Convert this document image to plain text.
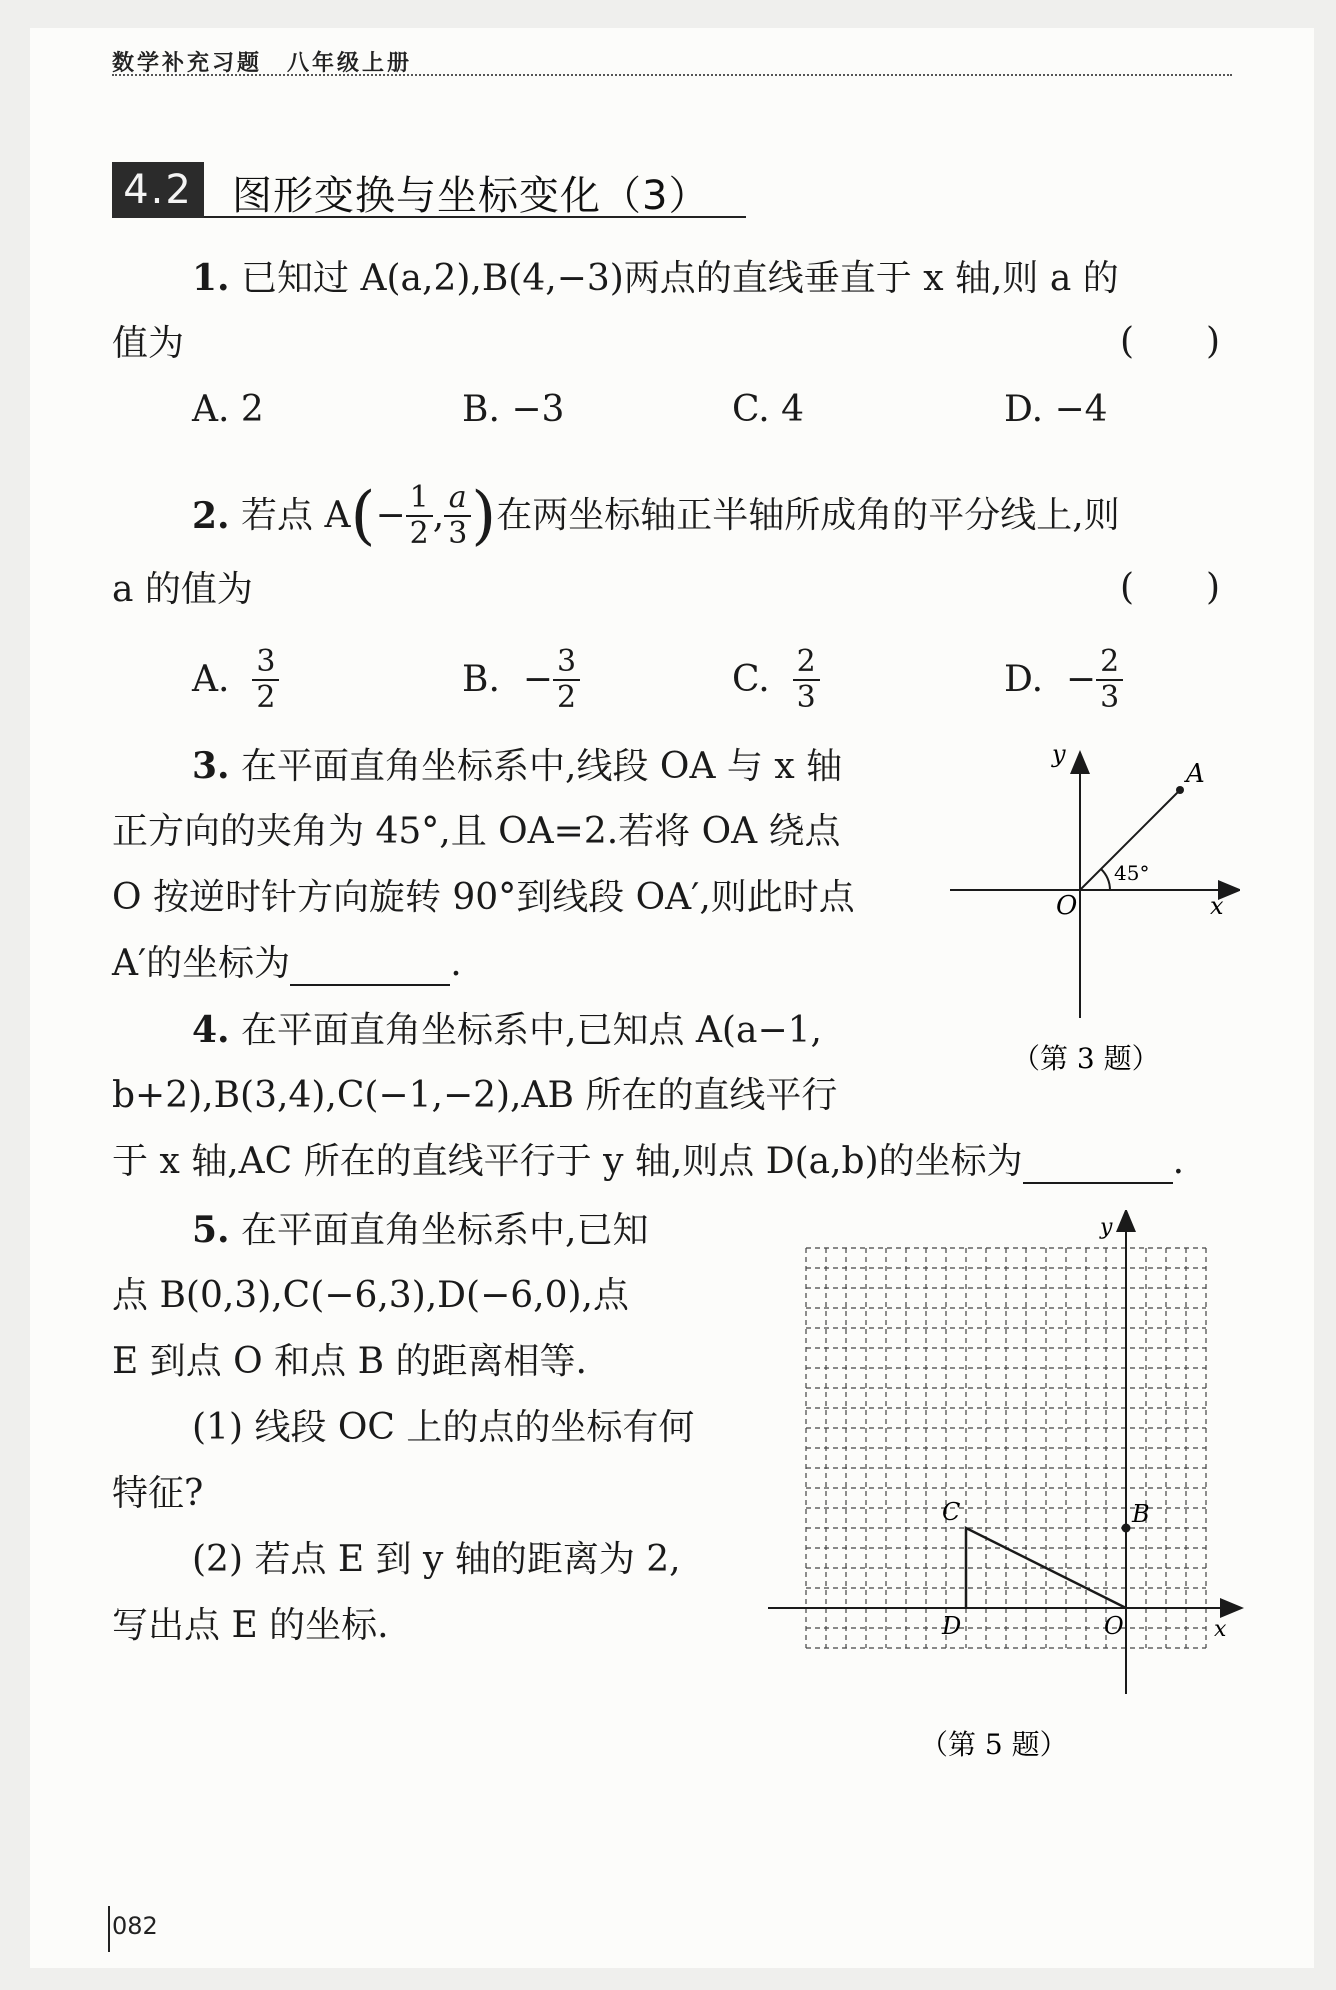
数学补充习题　八年级上册
4.2 图形变换与坐标变化（3）
1. 已知过 A(a,2),B(4,−3)两点的直线垂直于 x 轴,则 a 的
值为	(　　)
A. 2	B. −3	C. 4	D. −4
2.
若点 A ( − $\frac{1}{2}$ , $\frac{a}{3}$ ) 在两坐标轴正半轴所成角的平分线上,则
a 的值为	(　　)
A.
$\frac{3}{2}$	B.
− $\frac{3}{2}$	C.
$\frac{2}{3}$	D.
− $\frac{2}{3}$
3. 在平面直角坐标系中,线段 OA 与 x 轴
正方向的夹角为 45°,且 OA=2.若将 OA 绕点
O 按逆时针方向旋转 90°到线段 OA′,则此时点
A′的坐标为	.
y
x
O
A
45°
（第 3 题）
4. 在平面直角坐标系中,已知点 A(a−1,
b+2),B(3,4),C(−1,−2),AB 所在的直线平行
于 x 轴,AC 所在的直线平行于 y 轴,则点 D(a,b)的坐标为	.
5. 在平面直角坐标系中,已知
点 B(0,3),C(−6,3),D(−6,0),点
E 到点 O 和点 B 的距离相等.
(1) 线段 OC 上的点的坐标有何
特征?
(2) 若点 E 到 y 轴的距离为 2,
写出点 E 的坐标.
y
x
B
C
D	O
（第 5 题）
082
